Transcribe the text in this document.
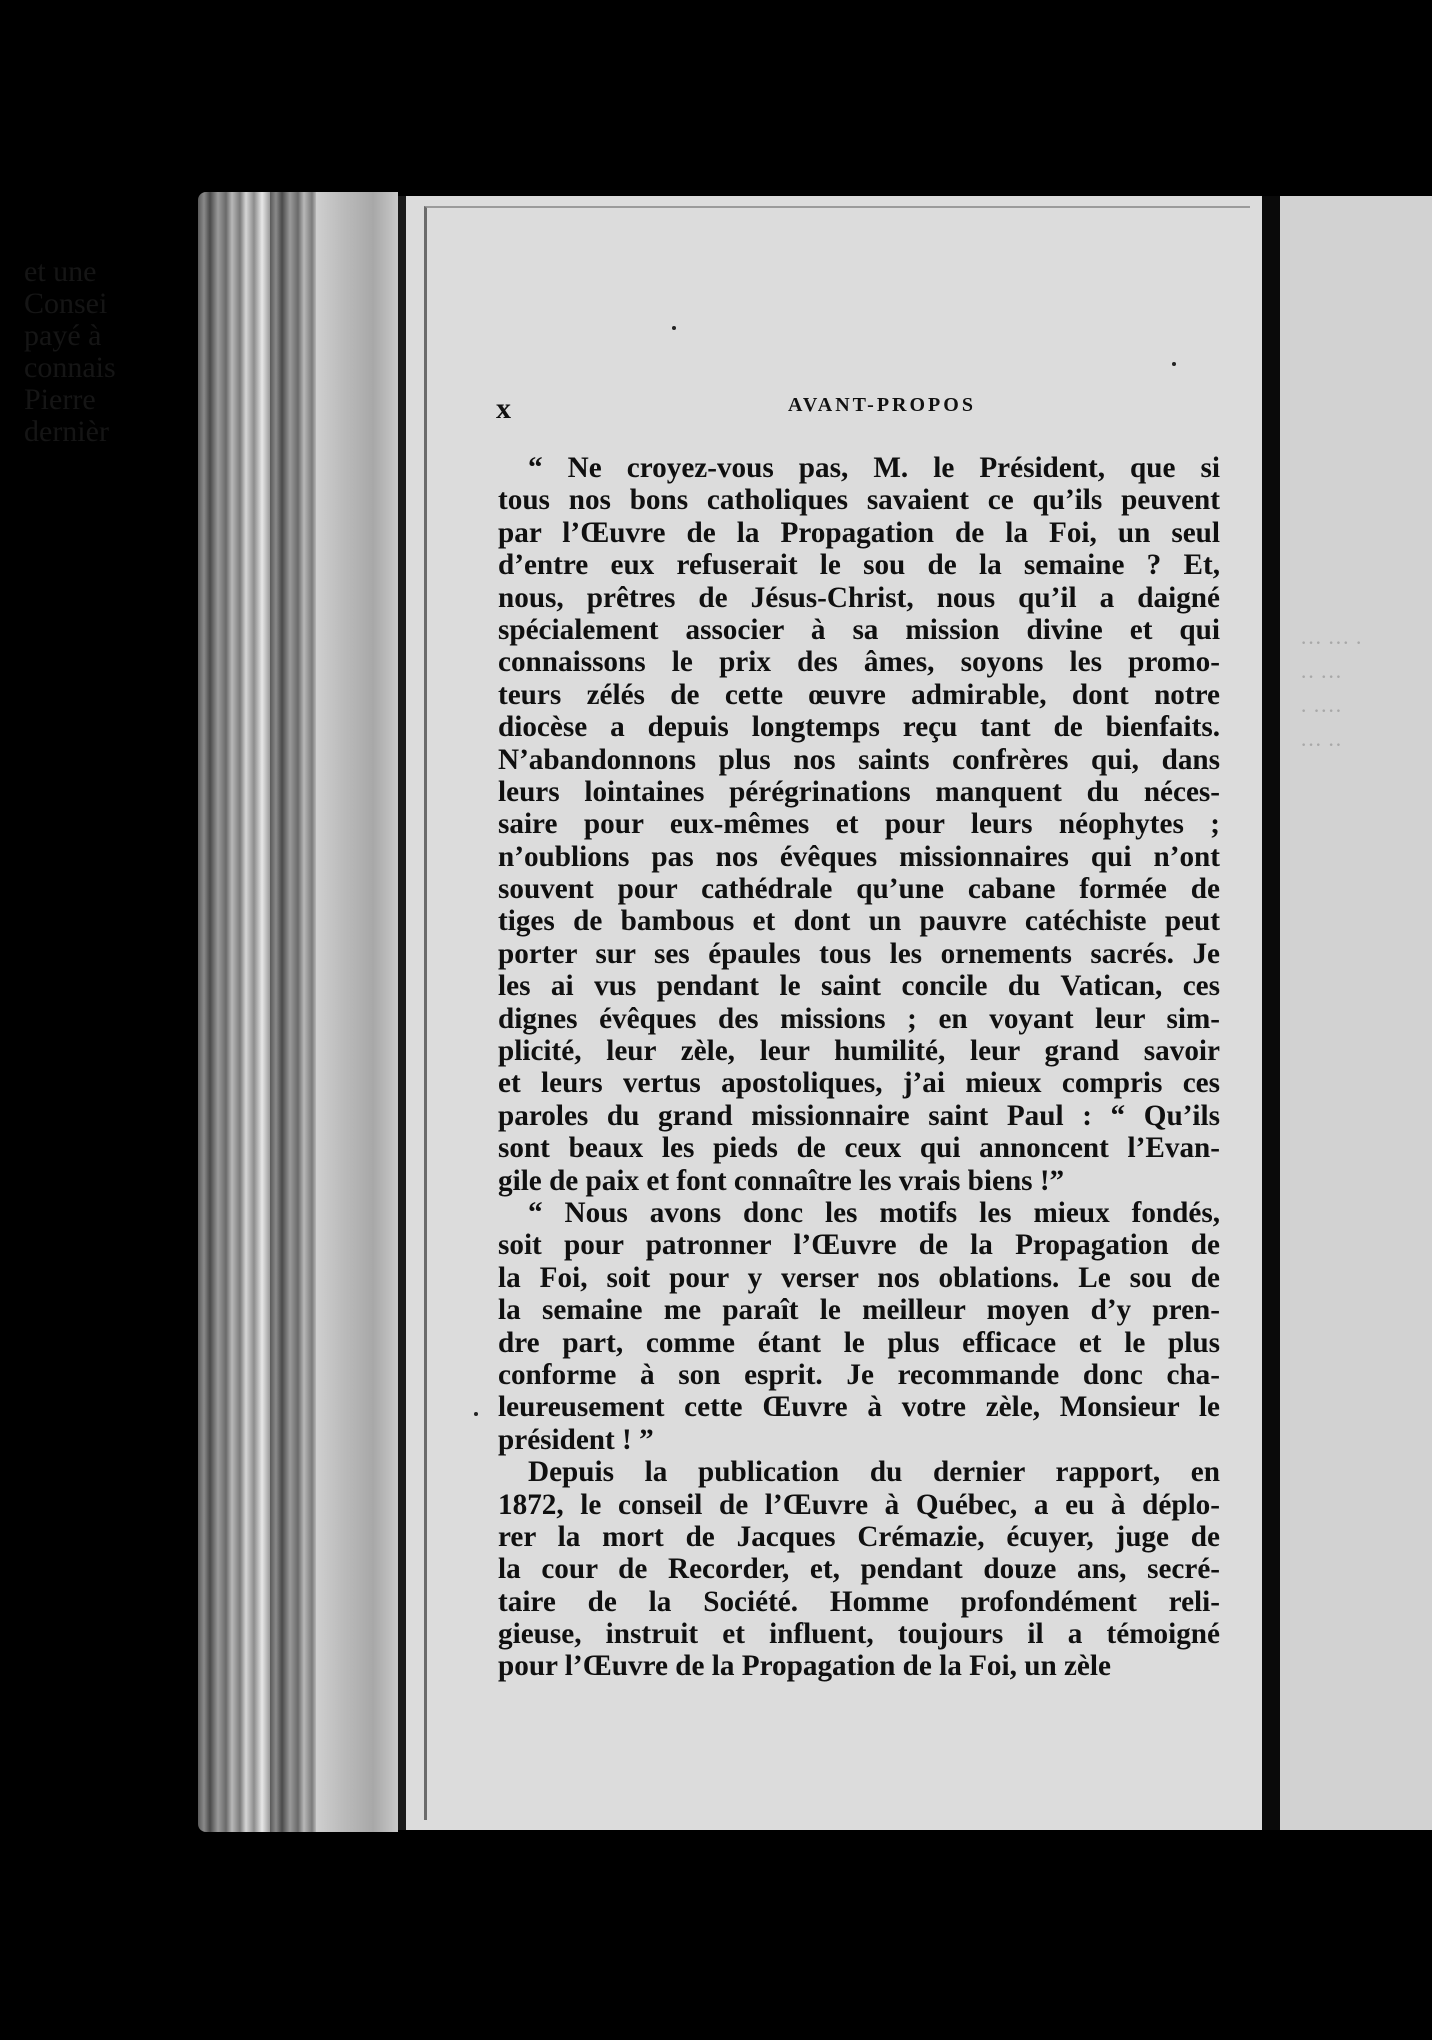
··· ··· ·
·· ···
· ····
··· ··
et une
Consei
payé à
connais
Pierre
dernièr
x	AVANT-PROPOS
“ Ne croyez-vous pas, M. le Président, que si
tous nos bons catholiques savaient ce qu’ils peuvent
par l’Œuvre de la Propagation de la Foi, un seul
d’entre eux refuserait le sou de la semaine ? Et,
nous, prêtres de Jésus-Christ, nous qu’il a daigné
spécialement associer à sa mission divine et qui
connaissons le prix des âmes, soyons les promo-
teurs zélés de cette œuvre admirable, dont notre
diocèse a depuis longtemps reçu tant de bienfaits.
N’abandonnons plus nos saints confrères qui, dans
leurs lointaines pérégrinations manquent du néces-
saire pour eux-mêmes et pour leurs néophytes ;
n’oublions pas nos évêques missionnaires qui n’ont
souvent pour cathédrale qu’une cabane formée de
tiges de bambous et dont un pauvre catéchiste peut
porter sur ses épaules tous les ornements sacrés. Je
les ai vus pendant le saint concile du Vatican, ces
dignes évêques des missions ; en voyant leur sim-
plicité, leur zèle, leur humilité, leur grand savoir
et leurs vertus apostoliques, j’ai mieux compris ces
paroles du grand missionnaire saint Paul : “ Qu’ils
sont beaux les pieds de ceux qui annoncent l’Evan-
gile de paix et font connaître les vrais biens !”
“ Nous avons donc les motifs les mieux fondés,
soit pour patronner l’Œuvre de la Propagation de
la Foi, soit pour y verser nos oblations. Le sou de
la semaine me paraît le meilleur moyen d’y pren-
dre part, comme étant le plus efficace et le plus
conforme à son esprit. Je recommande donc cha-
leureusement cette Œuvre à votre zèle, Monsieur le
président ! ”
Depuis la publication du dernier rapport, en
1872, le conseil de l’Œuvre à Québec, a eu à déplo-
rer la mort de Jacques Crémazie, écuyer, juge de
la cour de Recorder, et, pendant douze ans, secré-
taire de la Société. Homme profondément reli-
gieuse, instruit et influent, toujours il a témoigné
pour l’Œuvre de la Propagation de la Foi, un zèle
